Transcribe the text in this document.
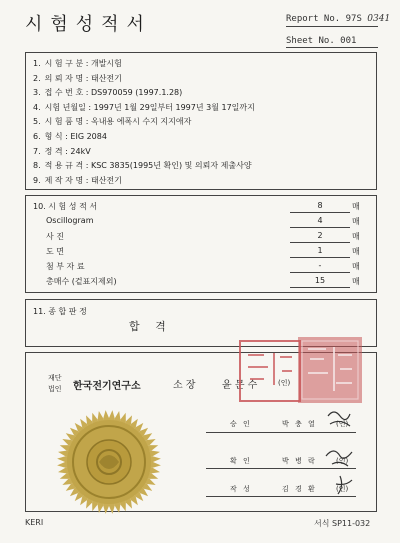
시험성적서	Report No. 97S 0341
Sheet No. 001
1. 시 험 구 분 : 개발시험
2. 의 뢰 자 명 : 태산전기
3. 접 수 번 호 : DS970059 (1997.1.28)
4. 시험 년월일 : 1997년 1월 29일부터 1997년 3월 17일까지
5. 시 험 품 명 : 옥내용 에폭시 수지 지지애자
6. 형 식 : EIG 2084
7. 정 격 : 24kV
8. 적 용 규 격 : KSC 3835(1995년 확인) 및 의뢰자 제출사양
9. 제 작 자 명 : 태산전기
10. 시 험 성 적 서	8	매
Oscillogram	4	매
사 진	2	매
도 면	1	매
첨 부 자 료	-	매
총매수 (겉표지제외)	15	매
11. 종 합 판 정
합 격
재단
법인 한국전기연구소	소 장	윤 문 수	(인)
승 인	박 충 열	(인)
확 인	박 병 락	(인)
작 성	김 경 환	(인)
KERI	서식 SP11-032
